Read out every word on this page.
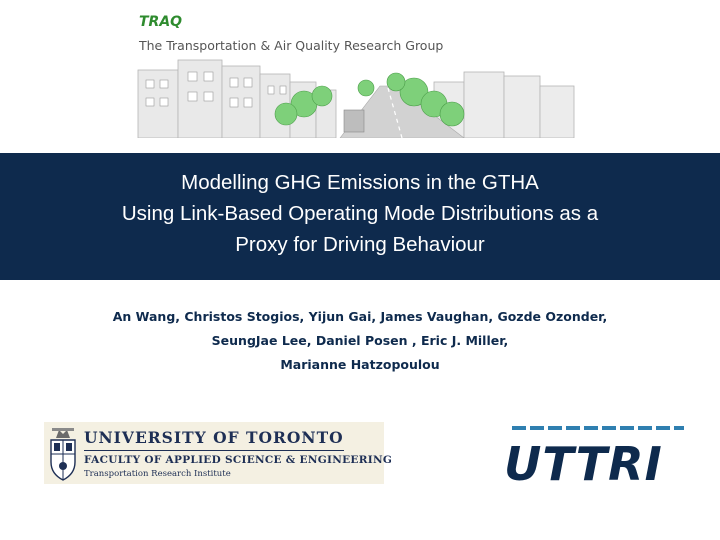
TRAQ
The Transportation & Air Quality Research Group
Modelling GHG Emissions in the GTHA
Using Link-Based Operating Mode Distributions as a
Proxy for Driving Behaviour
An Wang, Christos Stogios, Yijun Gai, James Vaughan, Gozde Ozonder,
SeungJae Lee, Daniel Posen , Eric J. Miller,
Marianne Hatzopoulou
UNIVERSITY OF TORONTO
FACULTY OF APPLIED SCIENCE & ENGINEERING
Transportation Research Institute	UTTRI
